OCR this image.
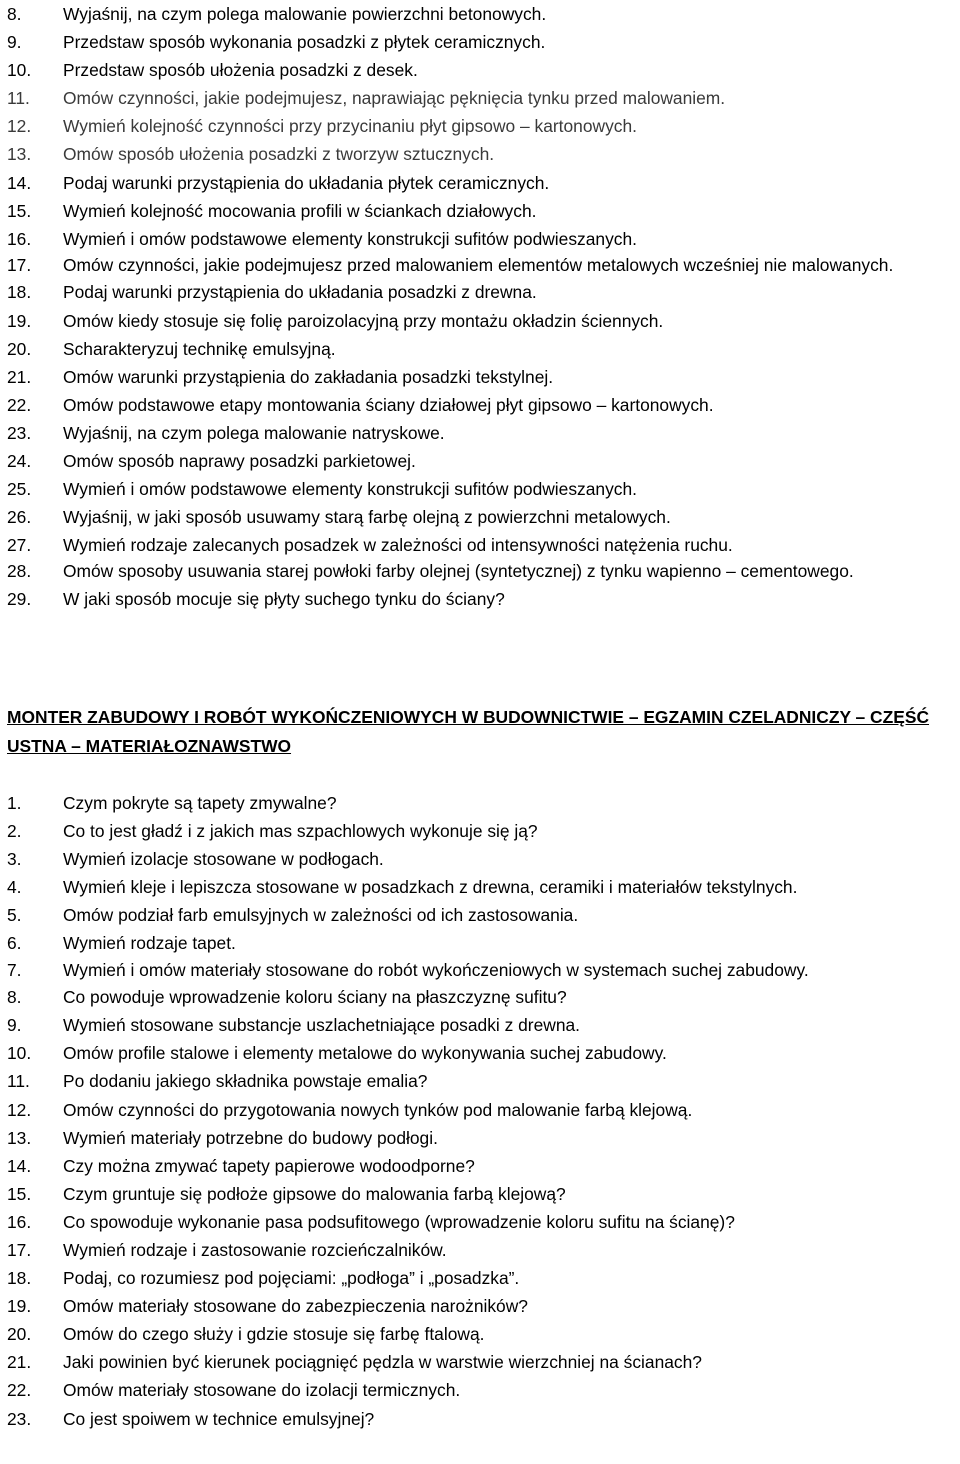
8.	Wyjaśnij, na czym polega malowanie powierzchni betonowych.
9.	Przedstaw sposób wykonania posadzki z płytek ceramicznych.
10.	Przedstaw sposób ułożenia posadzki z desek.
11.	Omów czynności, jakie podejmujesz, naprawiając pęknięcia tynku przed malowaniem.
12.	Wymień kolejność czynności przy przycinaniu płyt gipsowo – kartonowych.
13.	Omów sposób ułożenia posadzki z tworzyw sztucznych.
14.	Podaj warunki przystąpienia do układania płytek ceramicznych.
15.	Wymień kolejność mocowania profili w ściankach działowych.
16.	Wymień i omów podstawowe elementy konstrukcji sufitów podwieszanych.
17.	Omów czynności, jakie podejmujesz przed malowaniem elementów metalowych wcześniej nie malowanych.
18.	Podaj warunki przystąpienia do układania posadzki z drewna.
19.	Omów kiedy stosuje się folię paroizolacyjną przy montażu okładzin ściennych.
20.	Scharakteryzuj technikę emulsyjną.
21.	Omów warunki przystąpienia do zakładania posadzki tekstylnej.
22.	Omów podstawowe etapy montowania ściany działowej płyt gipsowo – kartonowych.
23.	Wyjaśnij, na czym polega malowanie natryskowe.
24.	Omów sposób naprawy posadzki parkietowej.
25.	Wymień i omów podstawowe elementy konstrukcji sufitów podwieszanych.
26.	Wyjaśnij, w jaki sposób usuwamy starą farbę olejną z powierzchni metalowych.
27.	Wymień rodzaje zalecanych posadzek w zależności od intensywności natężenia ruchu.
28.	Omów sposoby usuwania starej powłoki farby olejnej (syntetycznej) z tynku wapienno – cementowego.
29.	W jaki sposób mocuje się płyty suchego tynku do ściany?
MONTER ZABUDOWY I ROBÓT WYKOŃCZENIOWYCH W BUDOWNICTWIE – EGZAMIN CZELADNICZY – CZĘŚĆ USTNA – MATERIAŁOZNAWSTWO
1.	Czym pokryte są tapety zmywalne?
2.	Co to jest gładź i z jakich mas szpachlowych wykonuje się ją?
3.	Wymień izolacje stosowane w podłogach.
4.	Wymień kleje i lepiszcza stosowane w posadzkach z drewna, ceramiki i materiałów tekstylnych.
5.	Omów podział farb emulsyjnych w zależności od ich zastosowania.
6.	Wymień rodzaje tapet.
7.	Wymień i omów materiały stosowane do robót wykończeniowych w systemach suchej zabudowy.
8.	Co powoduje wprowadzenie koloru ściany na płaszczyznę sufitu?
9.	Wymień stosowane substancje uszlachetniające posadki z drewna.
10.	Omów profile stalowe i elementy metalowe do wykonywania suchej zabudowy.
11.	Po dodaniu jakiego składnika powstaje emalia?
12.	Omów czynności do przygotowania nowych tynków pod malowanie farbą klejową.
13.	Wymień materiały potrzebne do budowy podłogi.
14.	Czy można zmywać tapety papierowe wodoodporne?
15.	Czym gruntuje się podłoże gipsowe do malowania farbą klejową?
16.	Co spowoduje wykonanie pasa podsufitowego (wprowadzenie koloru sufitu na ścianę)?
17.	Wymień rodzaje i zastosowanie rozcieńczalników.
18.	Podaj, co rozumiesz pod pojęciami: „podłoga” i „posadzka”.
19.	Omów materiały stosowane do zabezpieczenia narożników?
20.	Omów do czego służy i gdzie stosuje się farbę ftalową.
21.	Jaki powinien być kierunek pociągnięć pędzla w warstwie wierzchniej na ścianach?
22.	Omów materiały stosowane do izolacji termicznych.
23.	Co jest spoiwem w technice emulsyjnej?
